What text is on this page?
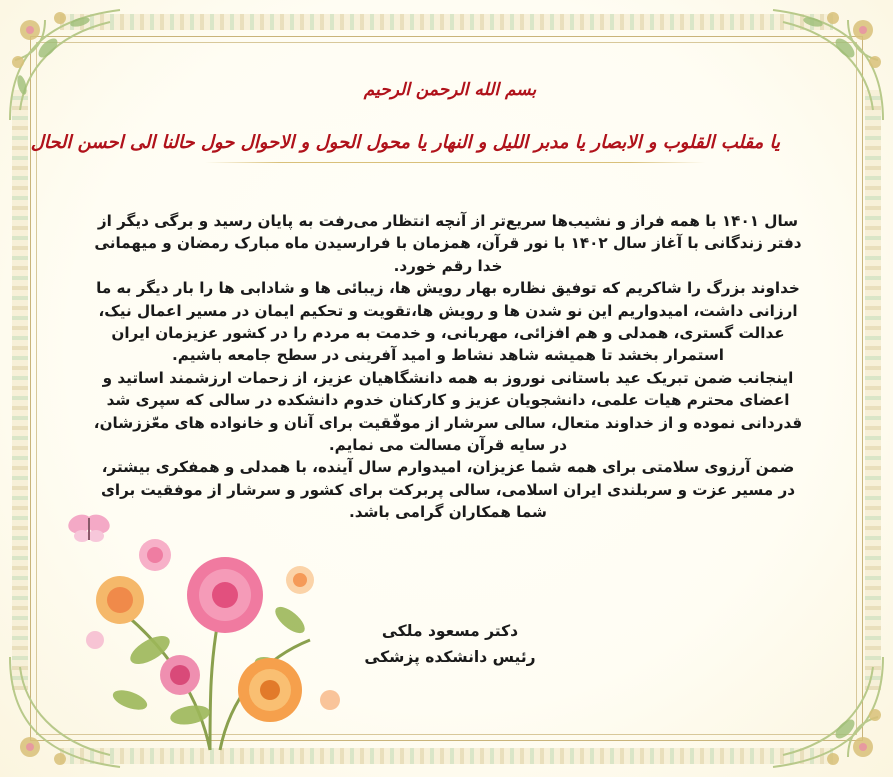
بسم الله الرحمن الرحیم
یا مقلب القلوب و الابصار یا مدبر اللیل و النهار یا محول الحول و الاحوال حول حالنا الی احسن الحال

سال ۱۴۰۱ با همه فراز و نشیب‌ها سریع‌تر از آنچه انتظار می‌رفت به پایان رسید و برگی دیگر از دفتر زندگانی با آغاز سال ۱۴۰۲ با نور قرآن، همزمان با فرارسیدن ماه مبارک رمضان و میهمانی خدا رقم خورد.

خداوند بزرگ را شاکریم که توفیق نظاره بهار رویش ها، زیبائی ها و شادابی ها را بار دیگر به ما ارزانی داشت، امیدواریم این نو شدن ها و رویش ها،تقویت و تحکیم ایمان در مسیر اعمال نیک، عدالت گستری، همدلی و هم افزائی، مهربانی، و خدمت به مردم را در کشور عزیزمان ایران استمرار بخشد تا همیشه شاهد نشاط و امید آفرینی در سطح جامعه باشیم.

اینجانب ضمن تبریک عید باستانی نوروز به همه دانشگاهیان عزیز، از زحمات ارزشمند اساتید و اعضای محترم هیات علمی، دانشجویان عزیز و کارکنان خدوم دانشکده در سالی که سپری شد قدردانی نموده و از خداوند متعال، سالی سرشار از موفّقیت برای آنان و خانواده های معّززشان، در سایه قرآن مسالت می نمایم.

ضمن آرزوی سلامتی برای همه شما عزیزان، امیدوارم سال آینده، با همدلی و همفکری بیشتر، در مسیر عزت و سربلندی ایران اسلامی، سالی پربرکت برای کشور و سرشار از موفقیت برای شما همکاران گرامی باشد.

دکتر مسعود ملکی
رئیس دانشکده پزشکی
